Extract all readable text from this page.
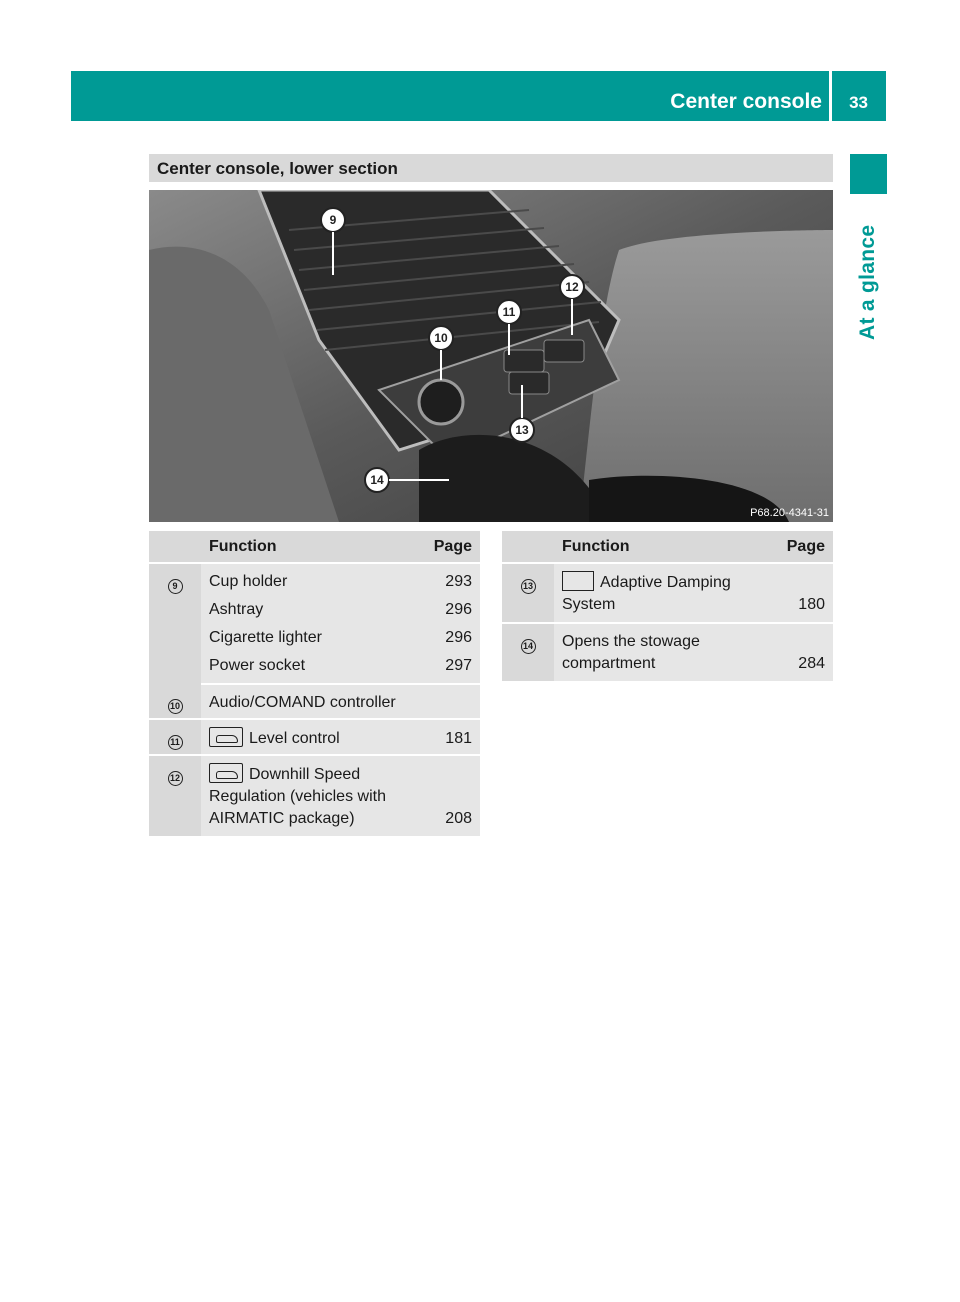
Center console 33
At a glance
Center console, lower section
9
10
11
12
13
14
P68.20-4341-31
	Function	Page
9	Cup holder	293
	Ashtray	296
	Cigarette lighter	296
	Power socket	297
10	Audio/COMAND controller	
11	Level control	181
12	Downhill Speed
Regulation (vehicles with
AIRMATIC package)	208
	Function	Page
13	Adaptive Damping
System	180
14	Opens the stowage
compartment	284
